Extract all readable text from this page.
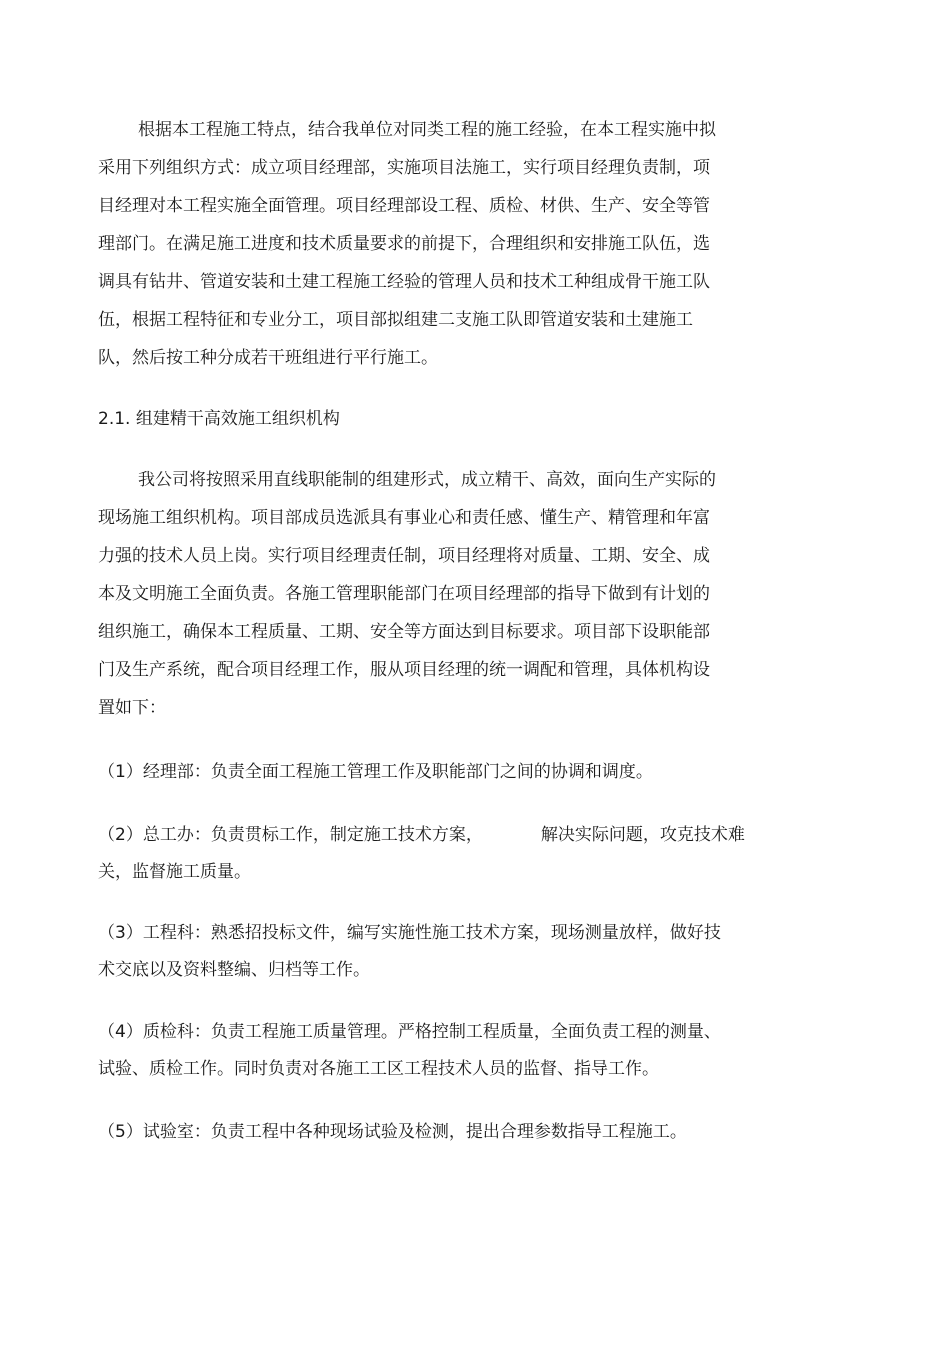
根据本工程施工特点，结合我单位对同类工程的施工经验，在本工程实施中拟
采用下列组织方式：成立项目经理部，实施项目法施工，实行项目经理负责制，项
目经理对本工程实施全面管理。项目经理部设工程、质检、材供、生产、安全等管
理部门。在满足施工进度和技术质量要求的前提下，合理组织和安排施工队伍，选
调具有钻井、管道安装和土建工程施工经验的管理人员和技术工种组成骨干施工队
伍，根据工程特征和专业分工，项目部拟组建二支施工队即管道安装和土建施工
队，然后按工种分成若干班组进行平行施工。
2.1. 组建精干高效施工组织机构
我公司将按照采用直线职能制的组建形式，成立精干、高效，面向生产实际的
现场施工组织机构。项目部成员选派具有事业心和责任感、懂生产、精管理和年富
力强的技术人员上岗。实行项目经理责任制，项目经理将对质量、工期、安全、成
本及文明施工全面负责。各施工管理职能部门在项目经理部的指导下做到有计划的
组织施工，确保本工程质量、工期、安全等方面达到目标要求。项目部下设职能部
门及生产系统，配合项目经理工作，服从项目经理的统一调配和管理，具体机构设
置如下：
（1）经理部：负责全面工程施工管理工作及职能部门之间的协调和调度。
（2）总工办：负责贯标工作，制定施工技术方案，	解决实际问题，攻克技术难
关，监督施工质量。
（3）工程科：熟悉招投标文件，编写实施性施工技术方案，现场测量放样，做好技
术交底以及资料整编、归档等工作。
（4）质检科：负责工程施工质量管理。严格控制工程质量，全面负责工程的测量、
试验、质检工作。同时负责对各施工工区工程技术人员的监督、指导工作。
（5）试验室：负责工程中各种现场试验及检测，提出合理参数指导工程施工。
